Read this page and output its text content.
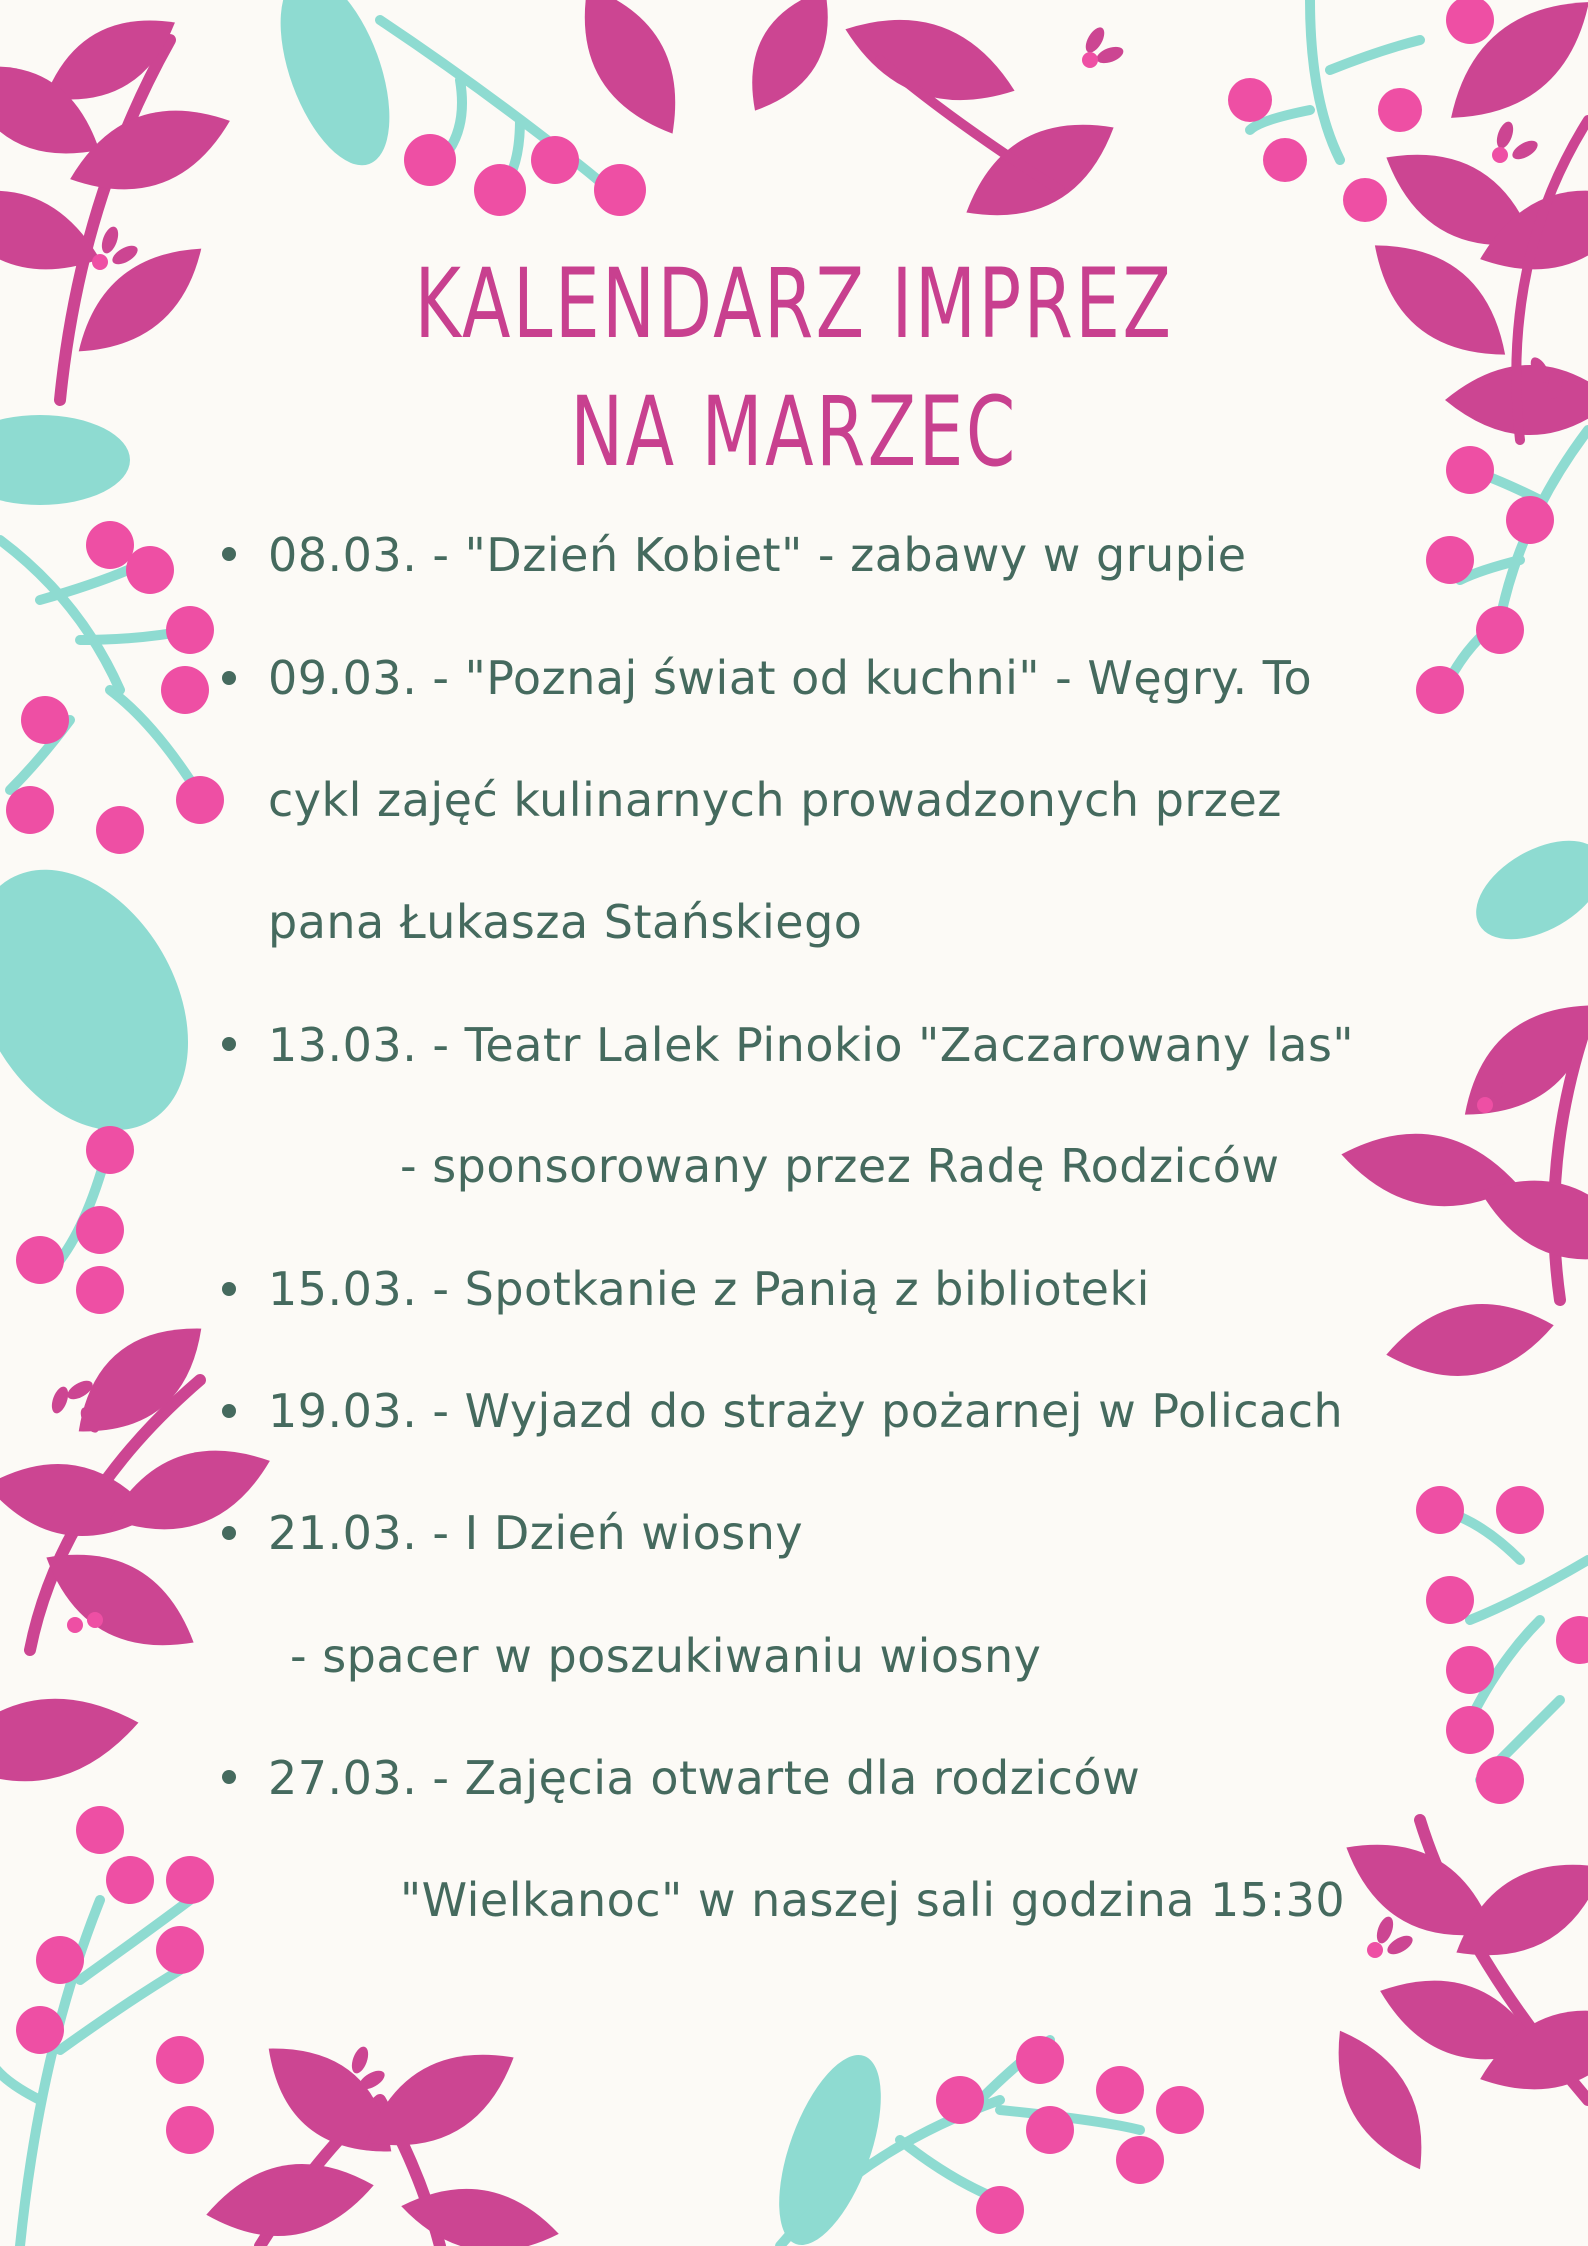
KALENDARZ IMPREZ
NA MARZEC
08.03. - "Dzień Kobiet" - zabawy w grupie
09.03. - "Poznaj świat od kuchni" - Węgry. To
cykl zajęć kulinarnych prowadzonych przez
pana Łukasza Stańskiego
13.03. - Teatr Lalek Pinokio "Zaczarowany las"
- sponsorowany przez Radę Rodziców
15.03. - Spotkanie z Panią z biblioteki
19.03. - Wyjazd do straży pożarnej w Policach
21.03. - I Dzień wiosny
- spacer w poszukiwaniu wiosny
27.03. - Zajęcia otwarte dla rodziców
"Wielkanoc" w naszej sali godzina 15:30
